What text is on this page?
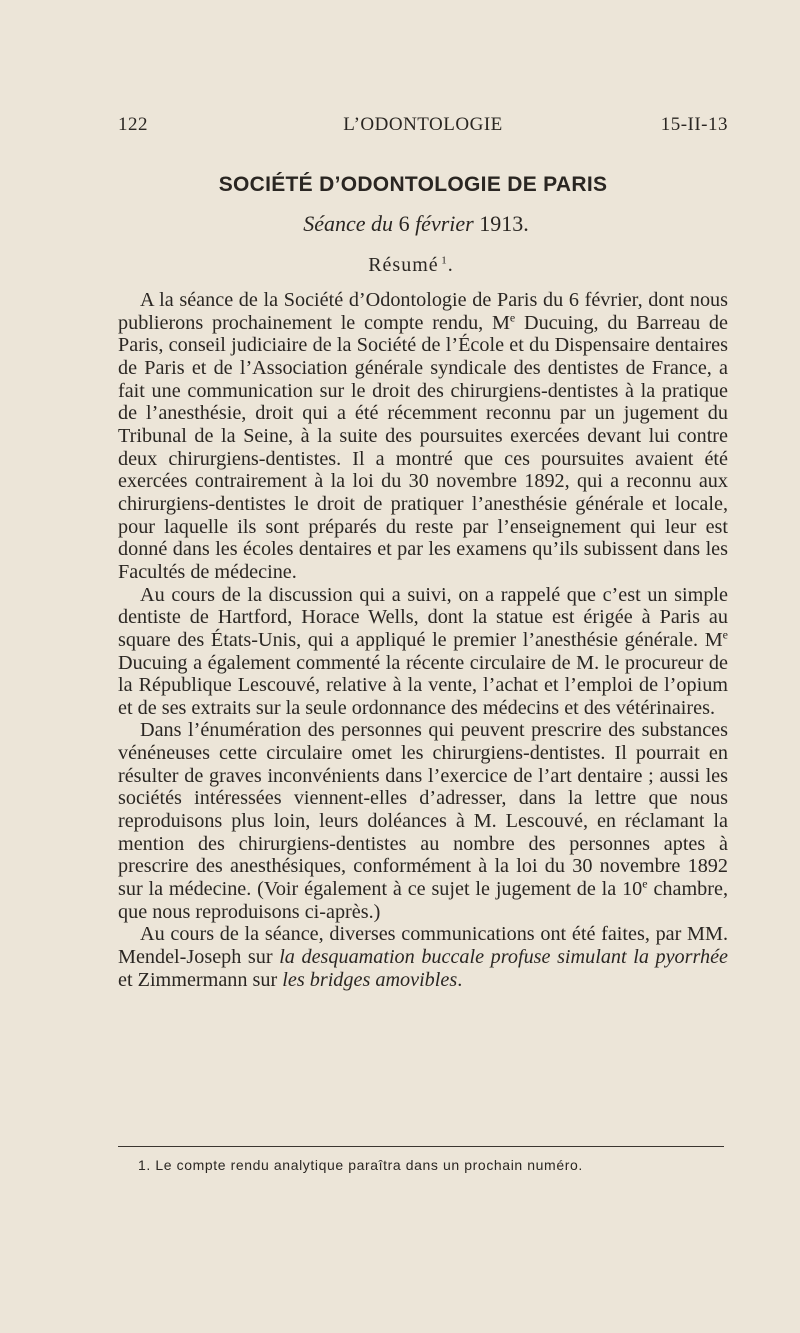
122	L’ODONTOLOGIE	15-II-13
SOCIÉTÉ D’ODONTOLOGIE DE PARIS
Séance du 6 février 1913.
Résumé  $^1$.

A la séance de la Société d’Odontologie de Paris du 6 février, dont nous publierons prochainement le compte rendu, Me Ducuing, du Barreau de Paris, conseil judiciaire de la Société de l’École et du Dispensaire dentaires de Paris et de l’Association générale syndicale des dentistes de France, a fait une communication sur le droit des chirurgiens-dentistes à la pratique de l’anesthésie, droit qui a été récemment reconnu par un jugement du Tribunal de la Seine, à la suite des poursuites exercées devant lui contre deux chirurgiens-dentistes. Il a montré que ces poursuites avaient été exercées contrairement à la loi du 30 novembre 1892, qui a reconnu aux chirurgiens-dentistes le droit de pratiquer l’anesthésie générale et locale, pour laquelle ils sont préparés du reste par l’enseignement qui leur est donné dans les écoles dentaires et par les examens qu’ils subissent dans les Facultés de médecine.

Au cours de la discussion qui a suivi, on a rappelé que c’est un simple dentiste de Hartford, Horace Wells, dont la statue est érigée à Paris au square des États-Unis, qui a appliqué le premier l’anesthésie générale. Me Ducuing a également commenté la récente circulaire de M. le procureur de la République Lescouvé, relative à la vente, l’achat et l’emploi de l’opium et de ses extraits sur la seule ordonnance des médecins et des vétérinaires.

Dans l’énumération des personnes qui peuvent prescrire des substances vénéneuses cette circulaire omet les chirurgiens-dentistes. Il pourrait en résulter de graves inconvénients dans l’exercice de l’art dentaire ; aussi les sociétés intéressées viennent-elles d’adresser, dans la lettre que nous reproduisons plus loin, leurs doléances à M. Lescouvé, en réclamant la mention des chirurgiens-dentistes au nombre des personnes aptes à prescrire des anesthésiques, conformément à la loi du 30 novembre 1892 sur la médecine. (Voir également à ce sujet le jugement de la 10e chambre, que nous reproduisons ci-après.)

Au cours de la séance, diverses communications ont été faites, par MM. Mendel-Joseph sur la desquamation buccale profuse simulant la pyorrhée et Zimmermann sur les bridges amovibles.

1. Le compte rendu analytique paraîtra dans un prochain numéro.
